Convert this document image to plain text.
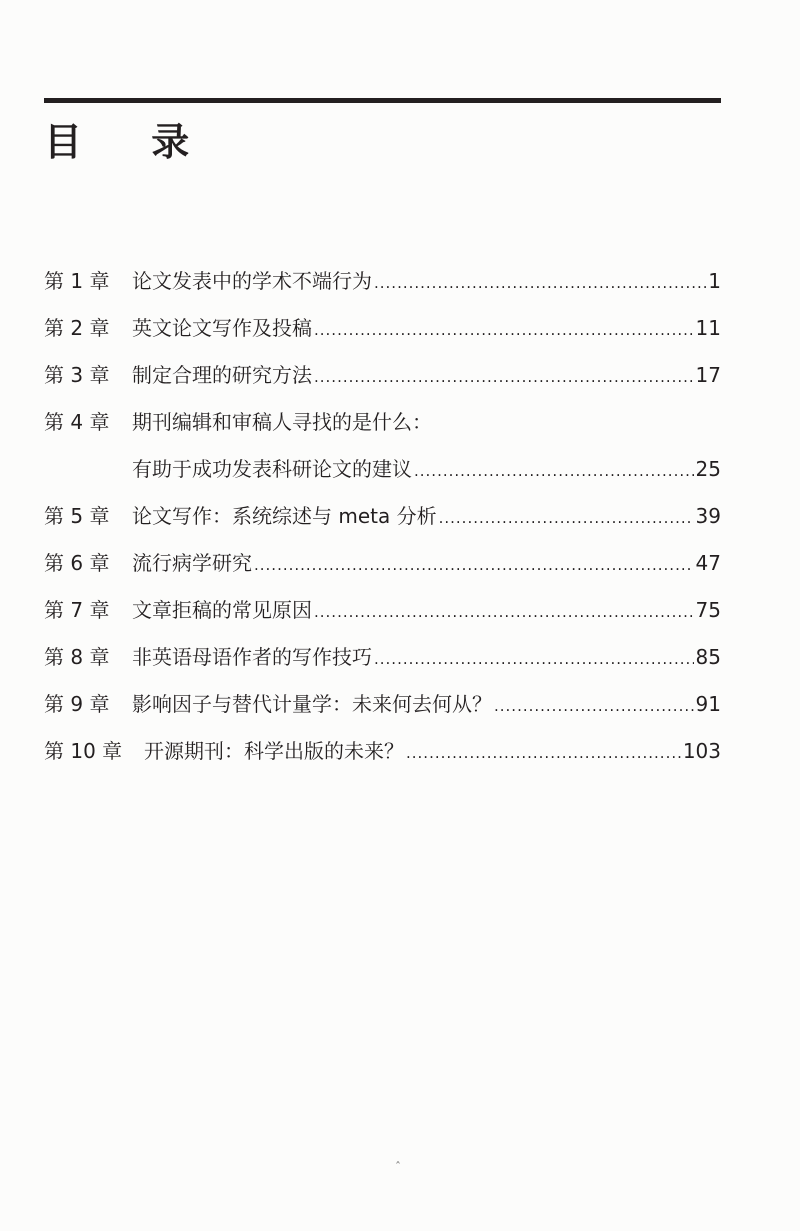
目 录
第 1 章	论文发表中的学术不端行为 .....	1
第 2 章	英文论文写作及投稿 .....	11
第 3 章	制定合理的研究方法 .....	17
第 4 章	期刊编辑和审稿人寻找的是什么：
有助于成功发表科研论文的建议 .....	25
第 5 章	论文写作：系统综述与 meta 分析 .....	39
第 6 章	流行病学研究 .....	47
第 7 章	文章拒稿的常见原因 .....	75
第 8 章	非英语母语作者的写作技巧 .....	85
第 9 章	影响因子与替代计量学：未来何去何从？ .....	91
第 10 章	开源期刊：科学出版的未来？ .....	103
ˆ
